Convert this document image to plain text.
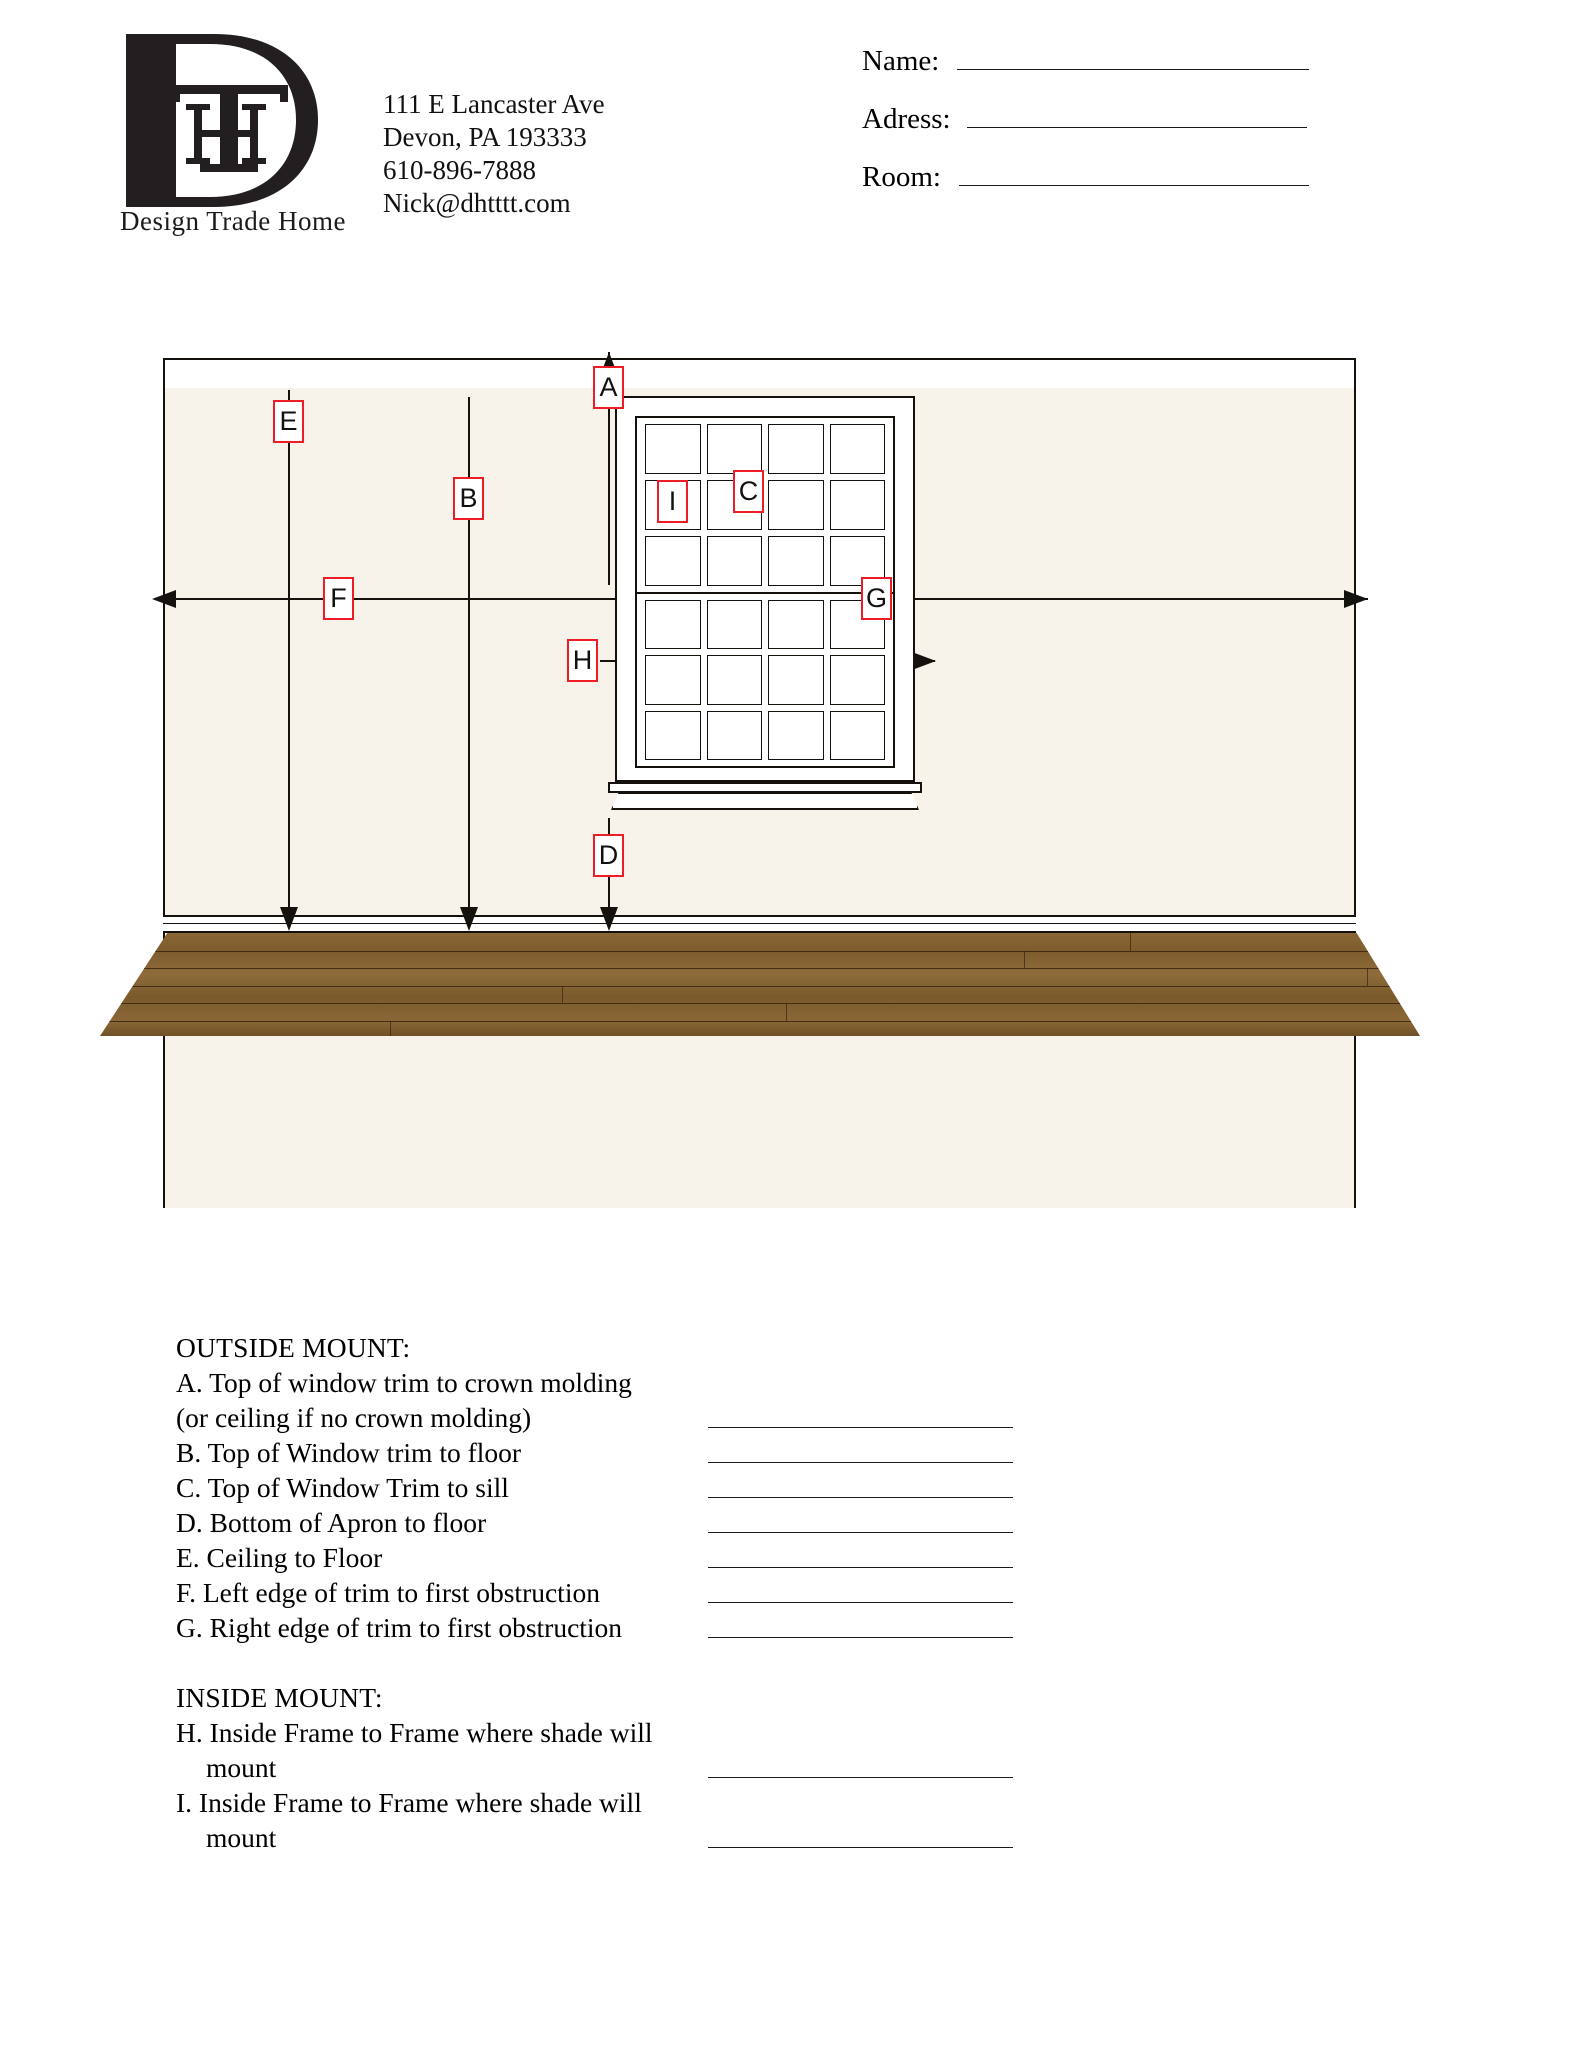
Design Trade Home
111 E Lancaster Ave
Devon, PA 193333
610-896-7888
Nick@dhtttt.com
Name:
Adress:
Room:
A
E
B	I	C
F	G
H
D
OUTSIDE MOUNT:
A. Top of window trim to crown molding
(or ceiling if no crown molding)
B. Top of Window trim to floor
C. Top of Window Trim to sill
D. Bottom of Apron to floor
E. Ceiling to Floor
F. Left edge of trim to first obstruction
G. Right edge of trim to first obstruction
INSIDE MOUNT:
H. Inside Frame to Frame where shade will
mount
I. Inside Frame to Frame where shade will
mount
